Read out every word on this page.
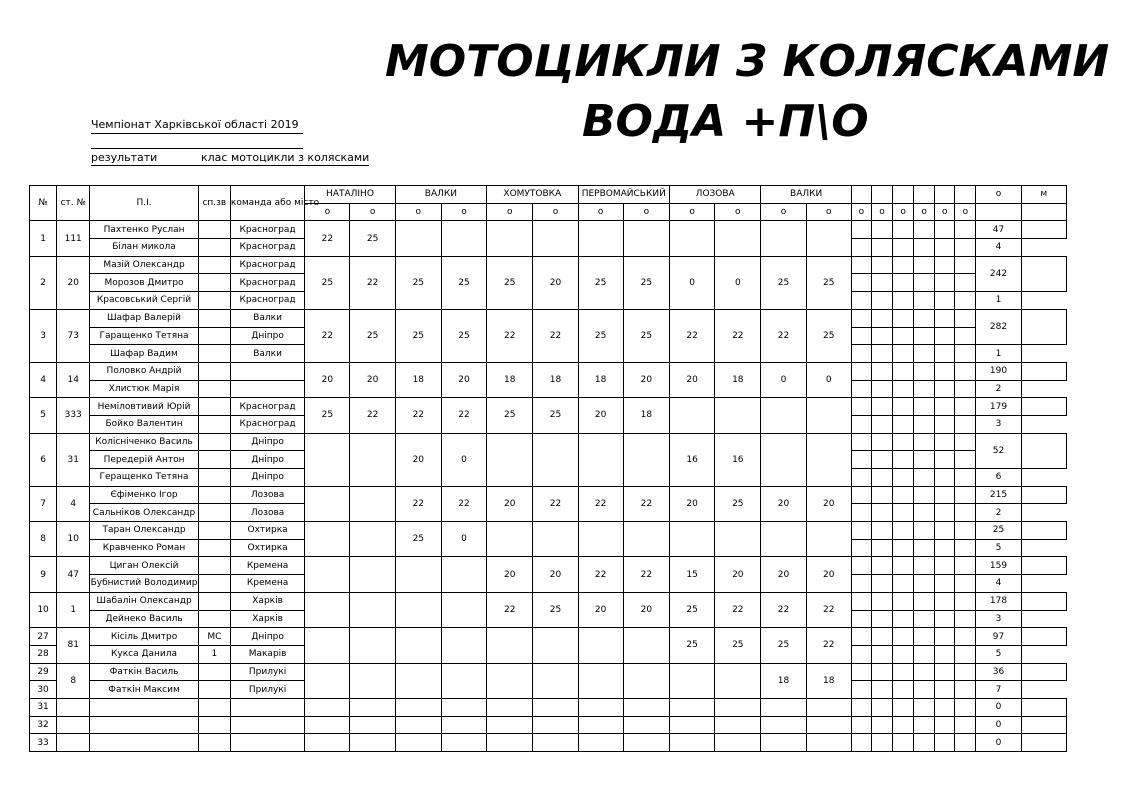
МОТОЦИКЛИ З КОЛЯСКАМИ
ВОДА +П\О
Чемпіонат Харківської області 2019
результати	клас мотоцикли з колясками
№	ст. №	П.І.	сп.зв	команда або місто	НАТАЛІНО		ВАЛКИ		ХОМУТОВКА		ПЕРВОМАЙСЬКИЙ		ЛОЗОВА		ВАЛКИ								о	м
					о	о	о	о	о	о	о	о	о	о	о	о	о	о	о	о	о	о		
1	111	Пахтенко Руслан		Красноград	22	25																	47	
		Білан микола		Красноград																			4	
2	20	Мазій Олександр		Красноград	25	22	25	25	25	20	25	25	0	0	25	25							242	
		Морозов Дмитро		Красноград																				
		Красовський Сергій		Красноград																			1	
3	73	Шафар Валерій		Валки	22	25	25	25	22	22	25	25	22	22	22	25							282	
		Гаращенко Тетяна		Дніпро																				
		Шафар Вадим		Валки																			1	
4	14	Половко Андрій			20	20	18	20	18	18	18	20	20	18	0	0							190	
		Хлистюк Марія																					2	
5	333	Неміловтивий Юрій		Красноград	25	22	22	22	25	25	20	18											179	
		Бойко Валентин		Красноград																			3	
6	31	Колісніченко Василь		Дніпро			20	0					16	16									52	
		Передерій Антон		Дніпро																				
		Геращенко Тетяна		Дніпро																			6	
7	4	Єфіменко Ігор		Лозова			22	22	20	22	22	22	20	25	20	20							215	
		Сальніков Олександр		Лозова																			2	
8	10	Таран Олександр		Охтирка			25	0															25	
		Кравченко Роман		Охтирка																			5	
9	47	Циган Олексій		Кремена					20	20	22	22	15	20	20	20							159	
		Бубнистий Володимир		Кремена																			4	
10	1	Шабалін Олександр		Харків					22	25	20	20	25	22	22	22							178	
		Дейнеко Василь		Харків																			3	
27	81	Кісіль Дмитро	МС	Дніпро									25	25	25	22							97	
28		Кукса Данила	1	Макарів																			5	
29	8	Фаткін Василь		Прилукі											18	18							36	
30		Фаткін Максим		Прилукі																			7	
31																							0	
32																							0	
33																							0	
